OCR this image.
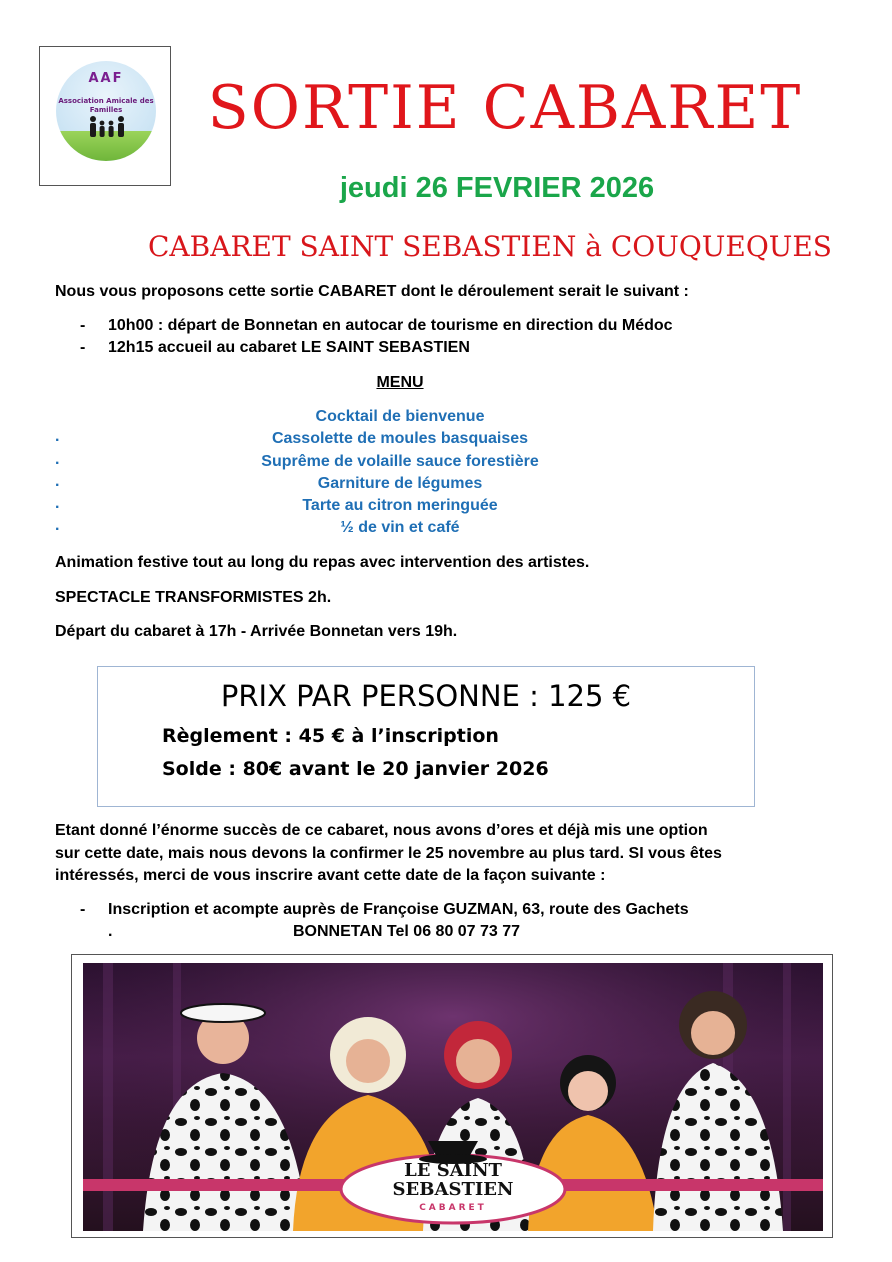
AAF
Association Amicale des Familles	SORTIE CABARET
jeudi 26 FEVRIER 2026
CABARET SAINT SEBASTIEN à COUQUEQUES
Nous vous proposons cette sortie CABARET dont le déroulement serait le suivant :
- 10h00 : départ de Bonnetan en autocar de tourisme en direction du Médoc
- 12h15 accueil au cabaret LE SAINT SEBASTIEN
MENU
Cocktail de bienvenue
.	Cassolette de moules basquaises
.	Suprême de volaille sauce forestière
.	Garniture de légumes
.	Tarte au citron meringuée
.	½ de vin et café
Animation festive tout au long du repas avec intervention des artistes.
SPECTACLE TRANSFORMISTES 2h.
Départ du cabaret à 17h - Arrivée Bonnetan vers 19h.
PRIX PAR PERSONNE : 125 €
Règlement : 45 € à l’inscription
Solde : 80€ avant le 20 janvier 2026
Etant donné l’énorme succès de ce cabaret, nous avons d’ores et déjà mis une option
sur cette date, mais nous devons la confirmer le 25 novembre au plus tard. SI vous êtes
intéressés, merci de vous inscrire avant cette date de la façon suivante :
- Inscription et acompte auprès de Françoise GUZMAN, 63, route des Gachets
.	BONNETAN Tel 06 80 07 73 77
LE SAINT
SEBASTIEN
CABARET
